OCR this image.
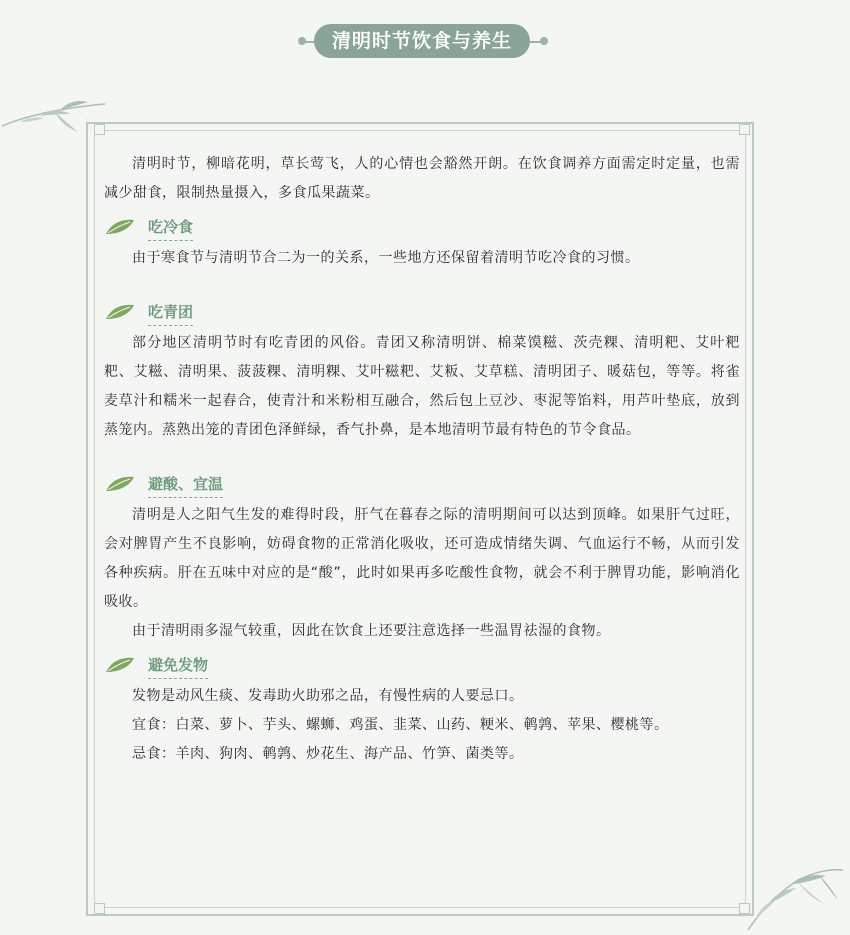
清明时节饮食与养生

清明时节，柳暗花明，草长莺飞，人的心情也会豁然开朗。在饮食调养方面需定时定量，也需减少甜食，限制热量摄入，多食瓜果蔬菜。

吃冷食

由于寒食节与清明节合二为一的关系，一些地方还保留着清明节吃冷食的习惯。

吃青团

部分地区清明节时有吃青团的风俗。青团又称清明饼、棉菜馍糍、茨壳粿、清明粑、艾叶粑粑、艾糍、清明果、菠菠粿、清明粿、艾叶糍粑、艾粄、艾草糕、清明团子、暖菇包，等等。将雀麦草汁和糯米一起舂合，使青汁和米粉相互融合，然后包上豆沙、枣泥等馅料，用芦叶垫底，放到蒸笼内。蒸熟出笼的青团色泽鲜绿，香气扑鼻，是本地清明节最有特色的节令食品。

避酸、宜温

清明是人之阳气生发的难得时段，肝气在暮春之际的清明期间可以达到顶峰。如果肝气过旺，会对脾胃产生不良影响，妨碍食物的正常消化吸收，还可造成情绪失调、气血运行不畅，从而引发各种疾病。肝在五味中对应的是“酸”，此时如果再多吃酸性食物，就会不利于脾胃功能，影响消化吸收。

由于清明雨多湿气较重，因此在饮食上还要注意选择一些温胃祛湿的食物。

避免发物

发物是动风生痰、发毒助火助邪之品，有慢性病的人要忌口。

宜食：白菜、萝卜、芋头、螺蛳、鸡蛋、韭菜、山药、粳米、鹌鹑、苹果、樱桃等。

忌食：羊肉、狗肉、鹌鹑、炒花生、海产品、竹笋、菌类等。
